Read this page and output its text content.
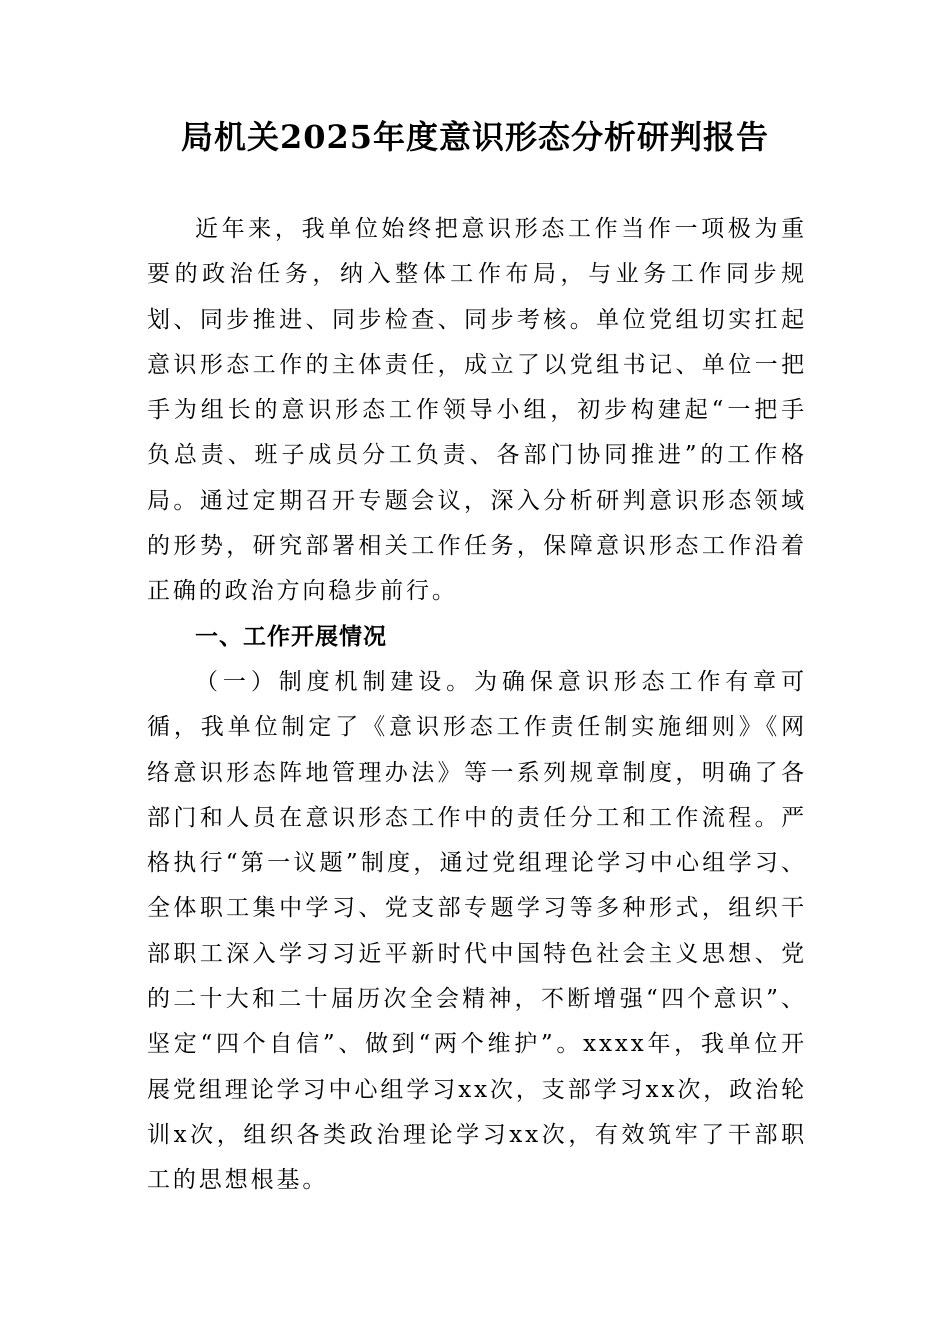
局机关2025年度意识形态分析研判报告

近年来，我单位始终把意识形态工作当作一项极为重要的政治任务，纳入整体工作布局，与业务工作同步规划、同步推进、同步检查、同步考核。单位党组切实扛起意识形态工作的主体责任，成立了以党组书记、单位一把手为组长的意识形态工作领导小组，初步构建起“一把手负总责、班子成员分工负责、各部门协同推进”的工作格局。通过定期召开专题会议，深入分析研判意识形态领域的形势，研究部署相关工作任务，保障意识形态工作沿着正确的政治方向稳步前行。

一、工作开展情况

（一）制度机制建设。为确保意识形态工作有章可循，我单位制定了《意识形态工作责任制实施细则》《网络意识形态阵地管理办法》等一系列规章制度，明确了各部门和人员在意识形态工作中的责任分工和工作流程。严格执行“第一议题”制度，通过党组理论学习中心组学习、全体职工集中学习、党支部专题学习等多种形式，组织干部职工深入学习习近平新时代中国特色社会主义思想、党的二十大和二十届历次全会精神，不断增强“四个意识”、坚定“四个自信”、做到“两个维护”。xxxx年，我单位开展党组理论学习中心组学习xx次，支部学习xx次，政治轮训x次，组织各类政治理论学习xx次，有效筑牢了干部职工的思想根基。
